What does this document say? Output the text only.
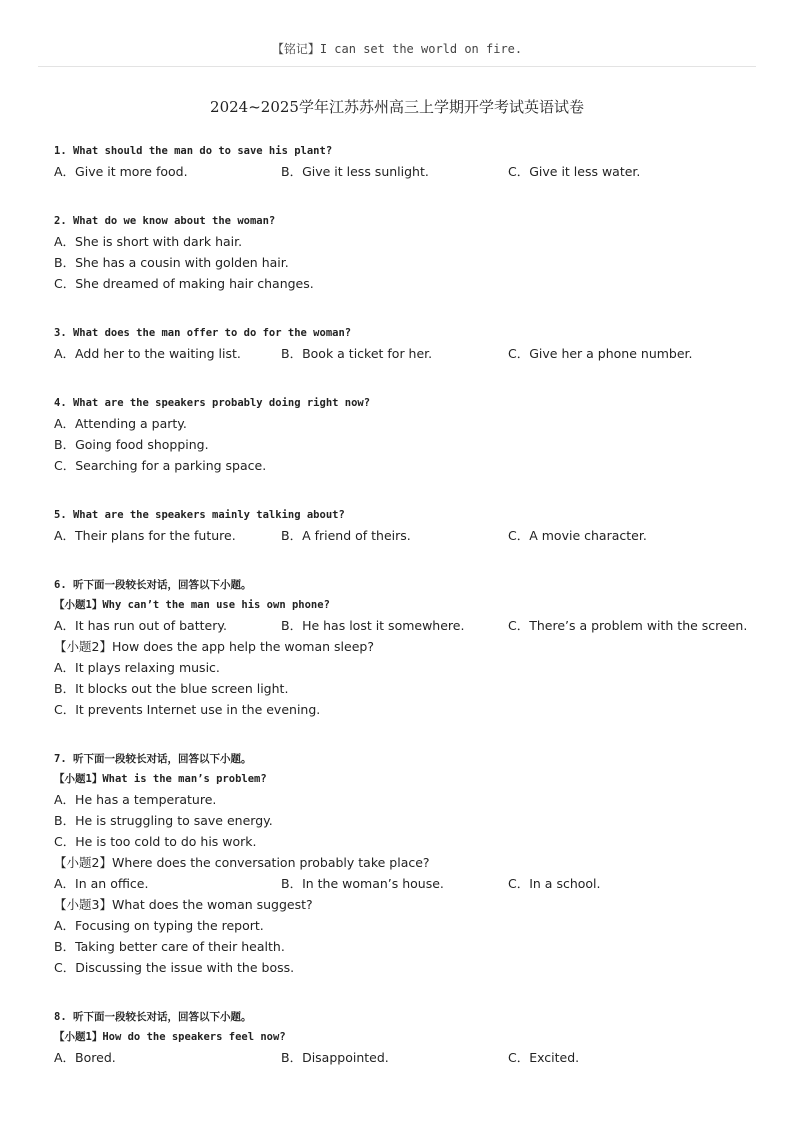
【铭记】I can set the world on fire.
2024~2025学年江苏苏州高三上学期开学考试英语试卷
1. What should the man do to save his plant?
A．Give it more food.	B．Give it less sunlight.	C．Give it less water.
2. What do we know about the woman?
A．She is short with dark hair.
B．She has a cousin with golden hair.
C．She dreamed of making hair changes.
3. What does the man offer to do for the woman?
A．Add her to the waiting list.	B．Book a ticket for her.	C．Give her a phone number.
4. What are the speakers probably doing right now?
A．Attending a party.
B．Going food shopping.
C．Searching for a parking space.
5. What are the speakers mainly talking about?
A．Their plans for the future.	B．A friend of theirs.	C．A movie character.
6. 听下面一段较长对话，回答以下小题。
【小题1】Why can’t the man use his own phone?
A．It has run out of battery.	B．He has lost it somewhere.	C．There’s a problem with the screen.
【小题2】How does the app help the woman sleep?
A．It plays relaxing music.
B．It blocks out the blue screen light.
C．It prevents Internet use in the evening.
7. 听下面一段较长对话，回答以下小题。
【小题1】What is the man’s problem?
A．He has a temperature.
B．He is struggling to save energy.
C．He is too cold to do his work.
【小题2】Where does the conversation probably take place?
A．In an office.	B．In the woman’s house.	C．In a school.
【小题3】What does the woman suggest?
A．Focusing on typing the report.
B．Taking better care of their health.
C．Discussing the issue with the boss.
8. 听下面一段较长对话，回答以下小题。
【小题1】How do the speakers feel now?
A．Bored.	B．Disappointed.	C．Excited.
